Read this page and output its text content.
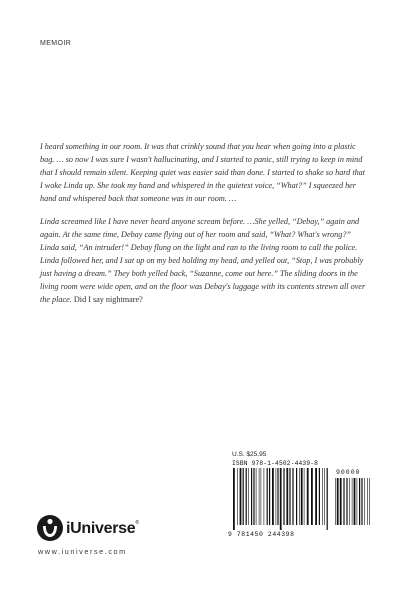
MEMOIR

I heard something in our room. It was that crinkly sound that you hear when going into a plastic bag. … so now I was sure I wasn't hallucinating, and I started to panic, still trying to keep in mind that I should remain silent. Keeping quiet was easier said than done. I started to shake so hard that I woke Linda up. She took my hand and whispered in the quietest voice, “What?” I squeezed her hand and whispered back that someone was in our room. …

Linda screamed like I have never heard anyone scream before. …She yelled, “Debay,” again and again. At the same time, Debay came flying out of her room and said, “What? What's wrong?” Linda said, “An intruder!” Debay flung on the light and ran to the living room to call the police. Linda followed her, and I sat up on my bed holding my head, and yelled out, “Stop, I was probably just having a dream.” They both yelled back, “Suzanne, come out here.” The sliding doors in the living room were wide open, and on the floor was Debay's luggage with its contents strewn all over the place. Did I say nightmare?

U.S. $25.95
ISBN 978-1-4502-4439-8
90000
9 781450 244398
iUniverse®
www.iuniverse.com
